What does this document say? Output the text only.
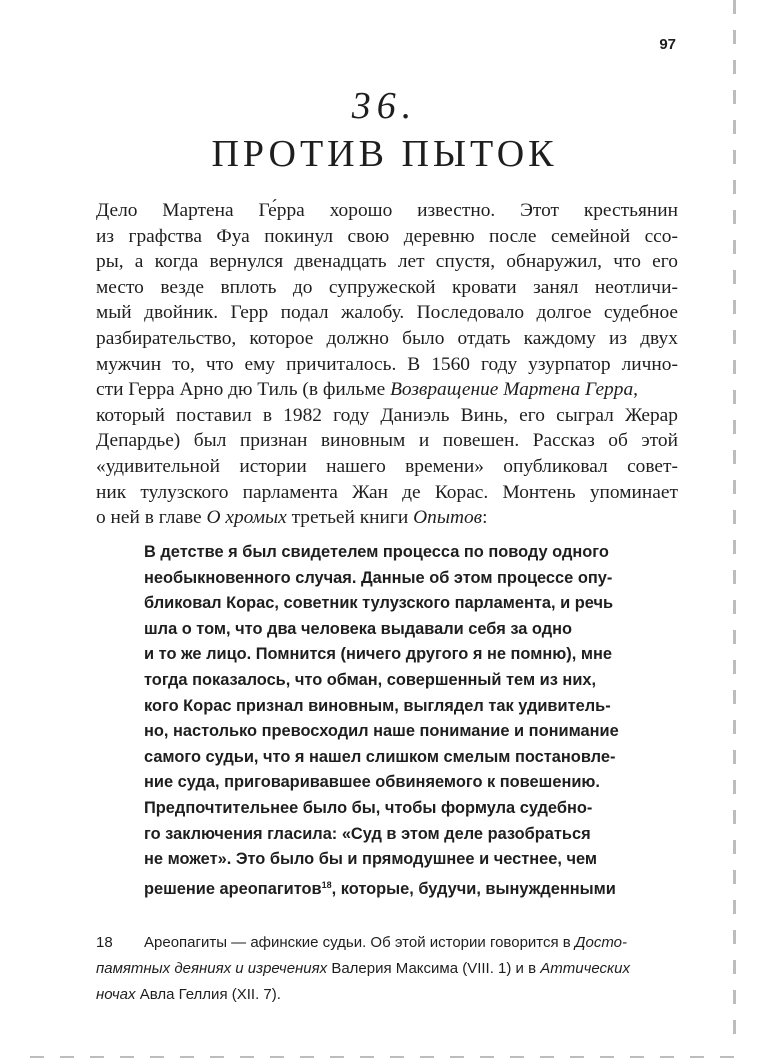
97
36.
ПРОТИВ ПЫТОК
Дело Мартена Ге́рра хорошо известно. Этот крестьянин
из графства Фуа покинул свою деревню после семейной ссо-
ры, а когда вернулся двенадцать лет спустя, обнаружил, что его
место везде вплоть до супружеской кровати занял неотличи-
мый двойник. Герр подал жалобу. Последовало долгое судебное
разбирательство, которое должно было отдать каждому из двух
мужчин то, что ему причиталось. В 1560 году узурпатор лично-
сти Герра Арно дю Тиль (в фильме Возвращение Мартена Герра,
который поставил в 1982 году Даниэль Винь, его сыграл Жерар
Депардье) был признан виновным и повешен. Рассказ об этой
«удивительной истории нашего времени» опубликовал совет-
ник тулузского парламента Жан де Корас. Монтень упоминает
о ней в главе О хромых третьей книги Опытов:
В детстве я был свидетелем процесса по поводу одного
необыкновенного случая. Данные об этом процессе опу-
бликовал Корас, советник тулузского парламента, и речь
шла о том, что два человека выдавали себя за одно
и то же лицо. Помнится (ничего другого я не помню), мне
тогда показалось, что обман, совершенный тем из них,
кого Корас признал виновным, выглядел так удивитель-
но, настолько превосходил наше понимание и понимание
самого судьи, что я нашел слишком смелым постановле-
ние суда, приговаривавшее обвиняемого к повешению.
Предпочтительнее было бы, чтобы формула судебно-
го заключения гласила: «Суд в этом деле разобраться
не может». Это было бы и прямодушнее и честнее, чем
решение ареопагитов$^{18}$, которые, будучи, вынужденными
18 Ареопагиты — афинские судьи. Об этой истории говорится в Досто-
памятных деяниях и изречениях Валерия Максима (VIII. 1) и в Аттических
ночах Авла Геллия (XII. 7).
